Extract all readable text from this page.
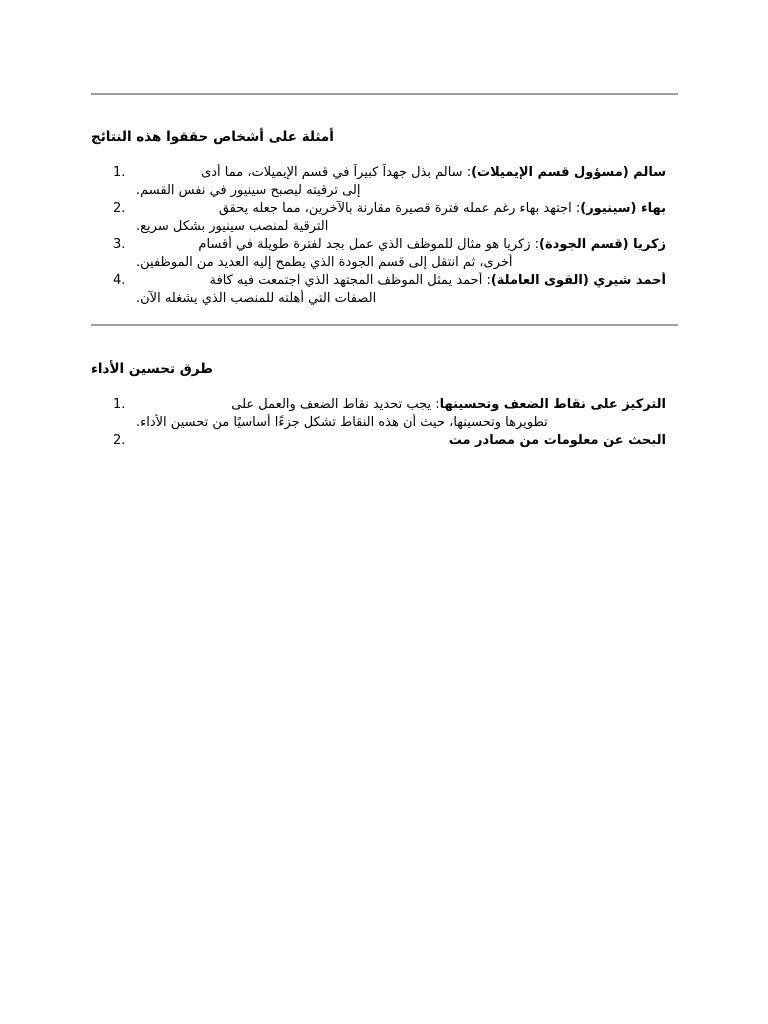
أمثلة على أشخاص حققوا هذه النتائج
1.	سالم (مسؤول قسم الإيميلات): سالم بذل جهداً كبيراً في قسم الإيميلات، مما أدى
إلى ترقيته ليصبح سينيور في نفس القسم.
2.	بهاء (سينيور): اجتهد بهاء رغم عمله فترة قصيرة مقارنة بالآخرين، مما جعله يحقق
الترقية لمنصب سينيور بشكل سريع.
3.	زكريا (قسم الجودة): زكريا هو مثال للموظف الذي عمل بجد لفترة طويلة في أقسام
أخرى، ثم انتقل إلى قسم الجودة الذي يطمح إليه العديد من الموظفين.
4.	أحمد شيري (القوى العاملة): أحمد يمثل الموظف المجتهد الذي اجتمعت فيه كافة
الصفات التي أهلته للمنصب الذي يشغله الآن.
طرق تحسين الأداء
1.	التركيز على نقاط الضعف وتحسينها: يجب تحديد نقاط الضعف والعمل على
تطويرها وتحسينها، حيث أن هذه النقاط تشكل جزءًا أساسيًا من تحسين الأداء.
2.	البحث عن معلومات من مصادر مت
